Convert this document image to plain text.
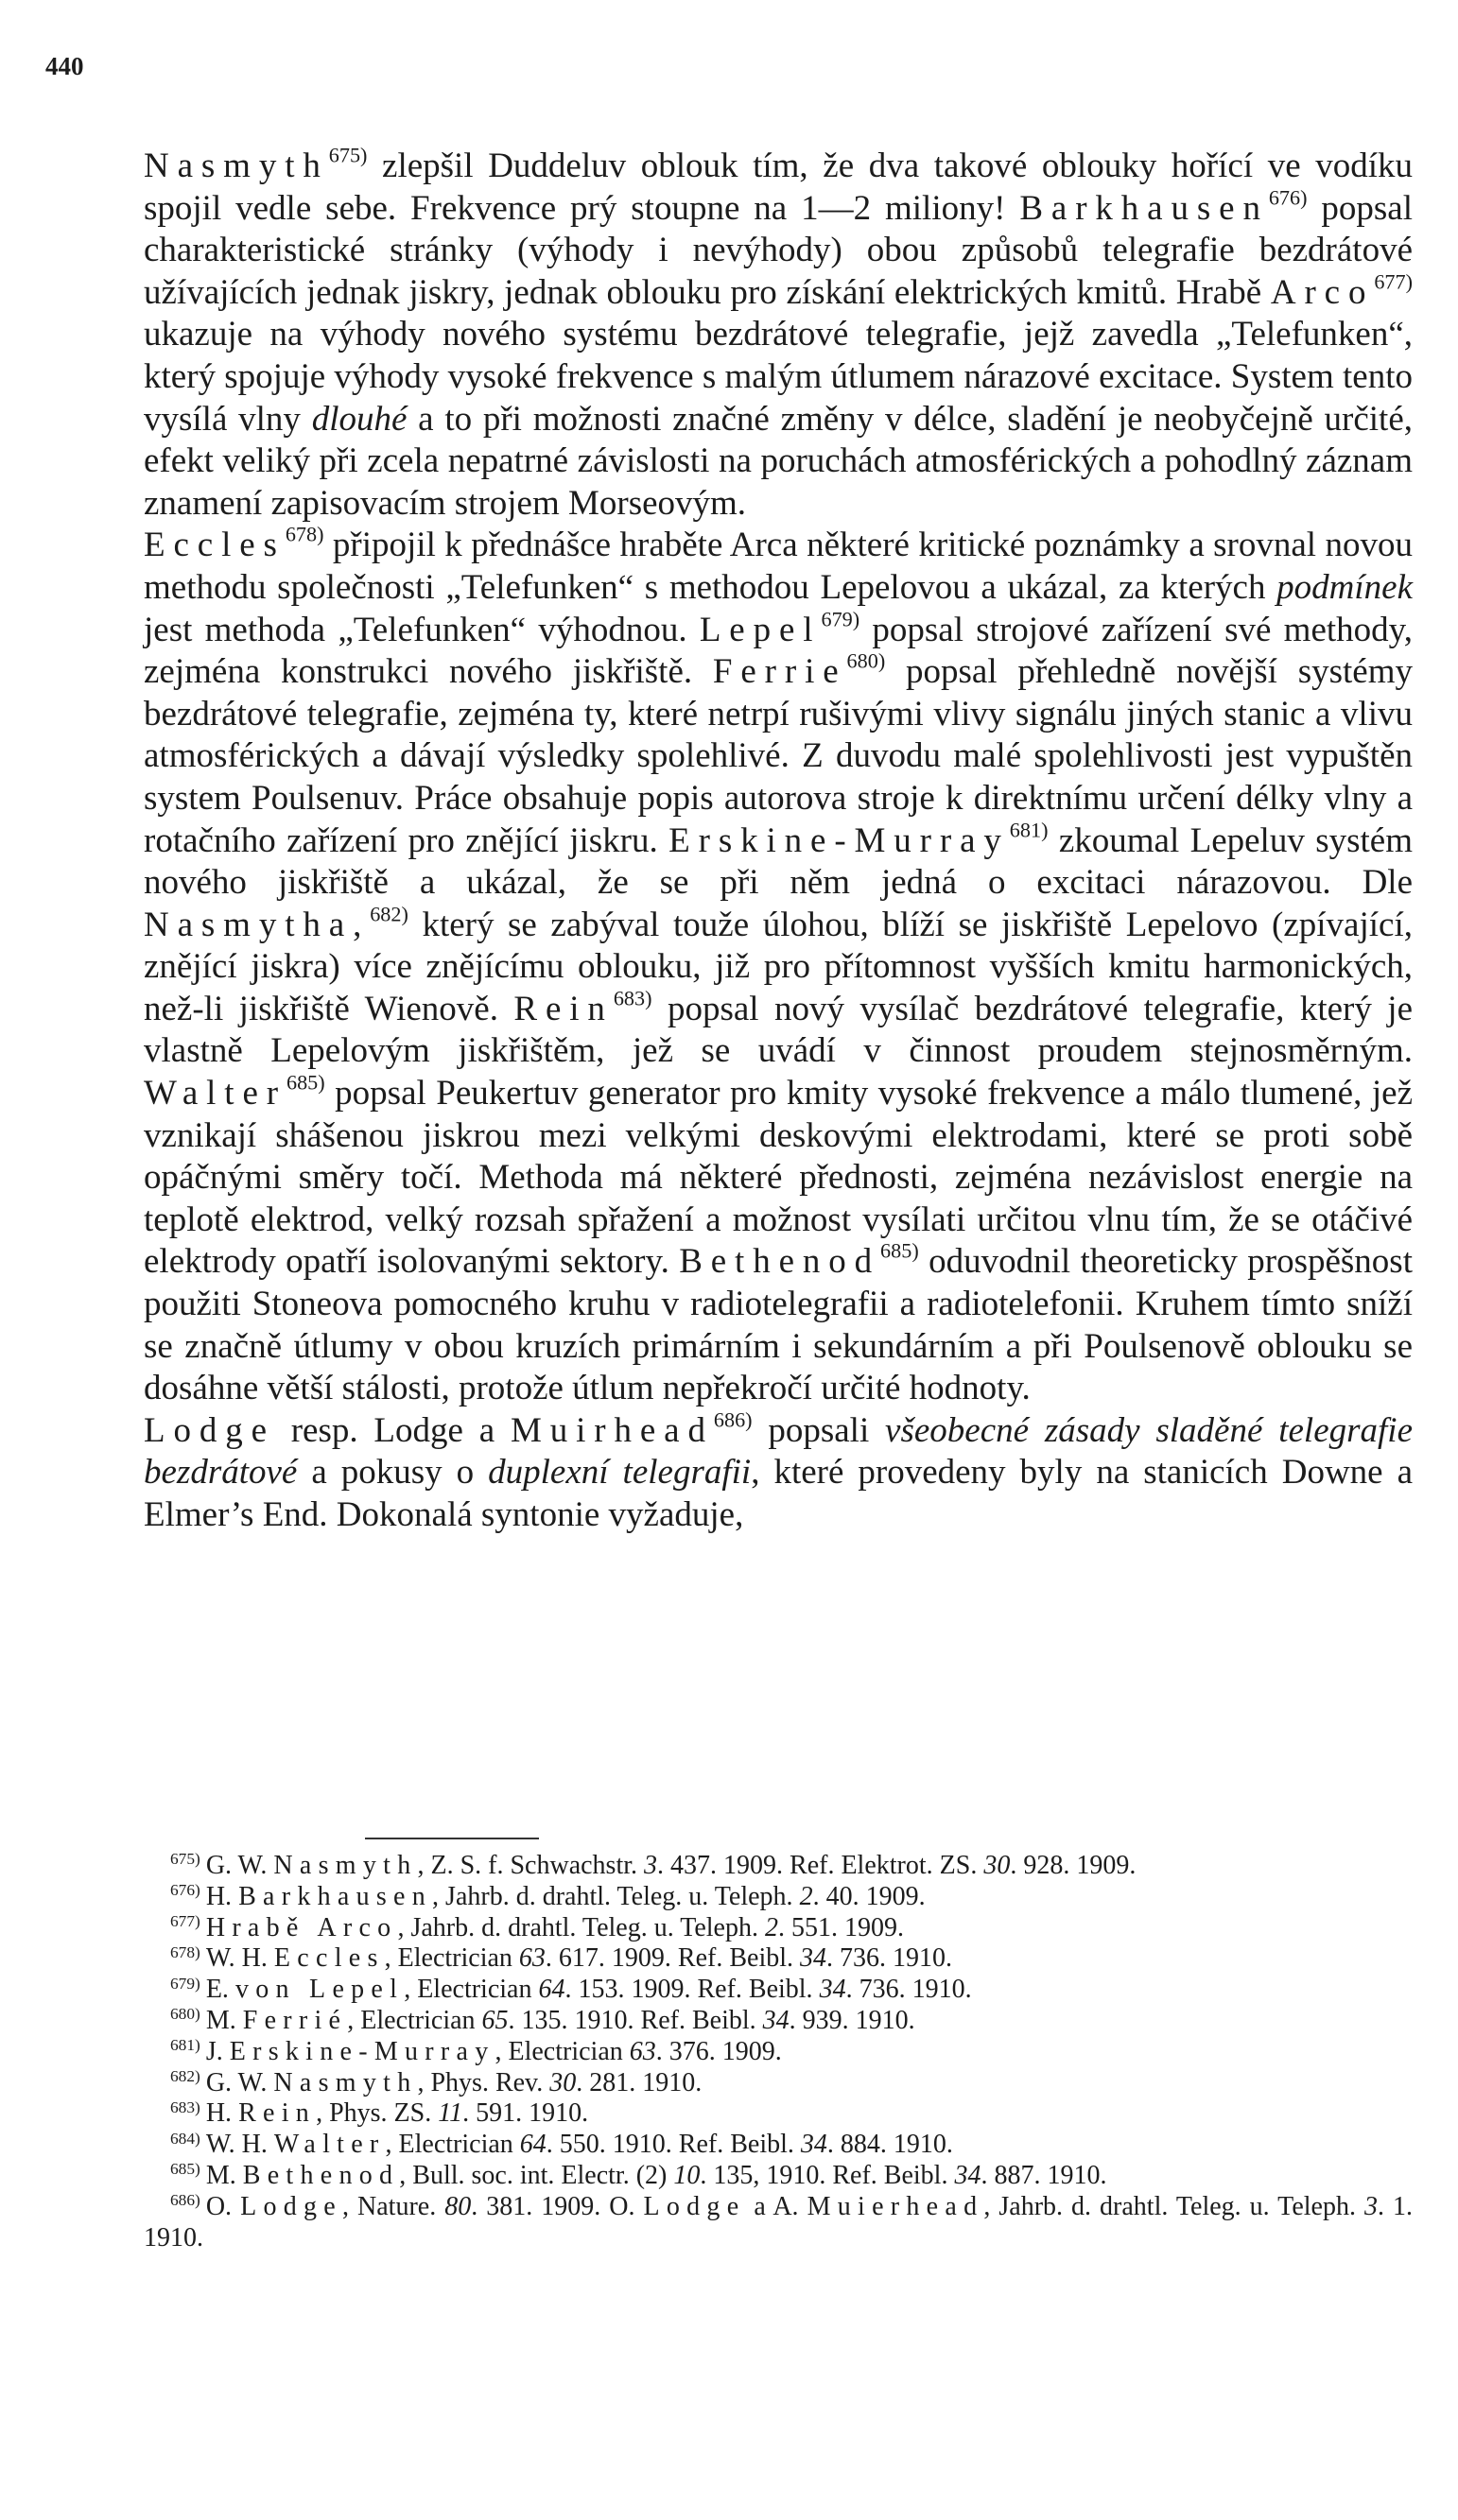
440

Nasmyth$^{675)}$ zlepšil Duddeluv oblouk tím, že dva takové oblouky hořící ve vodíku spojil vedle sebe. Frekvence prý stoupne na 1—2 miliony! Barkhausen$^{676)}$ popsal charakteristické stránky (výhody i nevýhody) obou způsobů telegrafie bezdrátové užívajících jednak jiskry, jednak oblouku pro získání elektrických kmitů. Hrabě Arco$^{677)}$ ukazuje na výhody nového systému bezdrátové telegrafie, jejž zavedla „Telefunken“, který spojuje výhody vysoké frekvence s malým útlumem nárazové excitace. System tento vysílá vlny dlouhé a to při možnosti značné změny v délce, sladění je neobyčejně určité, efekt veliký při zcela nepatrné závislosti na poruchách atmosférických a pohodlný záznam znamení zapisovacím strojem Morseovým.

Eccles$^{678)}$ připojil k přednášce hraběte Arca některé kritické poznámky a srovnal novou methodu společnosti „Telefunken“ s methodou Lepelovou a ukázal, za kterých podmínek jest methoda „Telefunken“ výhodnou. Lepel$^{679)}$ popsal strojové zařízení své methody, zejména konstrukci nového jiskřiště. Ferrie$^{680)}$ popsal přehledně novější systémy bezdrátové telegrafie, zejména ty, které netrpí rušivými vlivy signálu jiných stanic a vlivu atmosférických a dávají výsledky spolehlivé. Z duvodu malé spolehlivosti jest vypuštěn system Poulsenuv. Práce obsahuje popis autorova stroje k direktnímu určení délky vlny a rotačního zařízení pro znějící jiskru. Erskine-Murray$^{681)}$ zkoumal Lepeluv systém nového jiskřiště a ukázal, že se při něm jedná o excitaci nárazovou. Dle Nasmytha,$^{682)}$ který se zabýval touže úlohou, blíží se jiskřiště Lepelovo (zpívající, znějící jiskra) více znějícímu oblouku, již pro přítomnost vyšších kmitu harmonických, než-li jiskřiště Wienově. Rein$^{683)}$ popsal nový vysílač bezdrátové telegrafie, který je vlastně Lepelovým jiskřištěm, jež se uvádí v činnost proudem stejnosměrným. Walter$^{685)}$ popsal Peukertuv generator pro kmity vysoké frekvence a málo tlumené, jež vznikají shášenou jiskrou mezi velkými deskovými elektrodami, které se proti sobě opáčnými směry točí. Methoda má některé přednosti, zejména nezávislost energie na teplotě elektrod, velký rozsah spřažení a možnost vysílati určitou vlnu tím, že se otáčivé elektrody opatří isolovanými sektory. Bethenod$^{685)}$ oduvodnil theoreticky prospěšnost použiti Stoneova pomocného kruhu v radiotelegrafii a radiotelefonii. Kruhem tímto sníží se značně útlumy v obou kruzích primárním i sekundárním a při Poulsenově oblouku se dosáhne větší stálosti, protože útlum nepřekročí určité hodnoty.

Lodge resp. Lodge a Muirhead$^{686)}$ popsali všeobecné zásady sladěné telegrafie bezdrátové a pokusy o duplexní telegrafii, které provedeny byly na stanicích Downe a Elmer’s End. Dokonalá syntonie vyžaduje,

$^{675)}$ G. W. Nasmyth, Z. S. f. Schwachstr. 3. 437. 1909. Ref. Elektrot. ZS. 30. 928. 1909.

$^{676)}$ H. Barkhausen, Jahrb. d. drahtl. Teleg. u. Teleph. 2. 40. 1909.

$^{677)}$ Hrabě Arco, Jahrb. d. drahtl. Teleg. u. Teleph. 2. 551. 1909.

$^{678)}$ W. H. Eccles, Electrician 63. 617. 1909. Ref. Beibl. 34. 736. 1910.

$^{679)}$ E. von Lepel, Electrician 64. 153. 1909. Ref. Beibl. 34. 736. 1910.

$^{680)}$ M. Ferrié, Electrician 65. 135. 1910. Ref. Beibl. 34. 939. 1910.

$^{681)}$ J. Erskine-Murray, Electrician 63. 376. 1909.

$^{682)}$ G. W. Nasmyth, Phys. Rev. 30. 281. 1910.

$^{683)}$ H. Rein, Phys. ZS. 11. 591. 1910.

$^{684)}$ W. H. Walter, Electrician 64. 550. 1910. Ref. Beibl. 34. 884. 1910.

$^{685)}$ M. Bethenod, Bull. soc. int. Electr. (2) 10. 135, 1910. Ref. Beibl. 34. 887. 1910.

$^{686)}$ O. Lodge, Nature. 80. 381. 1909. O. Lodge a A. Muierhead, Jahrb. d. drahtl. Teleg. u. Teleph. 3. 1. 1910.
